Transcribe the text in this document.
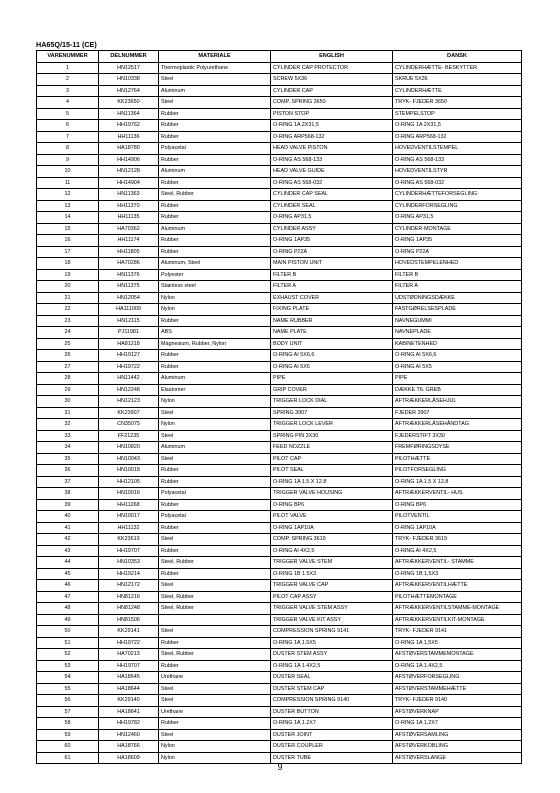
HA65Q/15-11 (CE)
VARENUMMER	DELNUMMER	MATERIALE	ENGLISH	DANSK
1	HN12517	Thermoplastic Polyurethane	CYLINDER CAP PROTECTOR	CYLINDERHÆTTE- BESKYTTER
2	HN10338	Steel	SCREW 5X36	SKRUE 5X36
3	HN12764	Aluminum	CYLINDER CAP	CYLINDERHÆTTE
4	KK23650	Steel	COMP. SPRING 3650	TRYK- FJEDER 3650
5	HN11364	Rubber	PISTON STOP	STEMPELSTOP
6	HH19762	Rubber	O-RING 1A 2X31,5	O-RING 1A 2X31,5
7	HH11136	Rubber	O-RING ARP568-132	O-RING ARP568-132
8	HA18780	Polyacetal	HEAD VALVE PISTON	HOVEDVENTILSTEMPEL
9	HH14906	Rubber	O-RING AS 568-133	O-RING AS 568-133
10	HN12128	Aluminum	HEAD VALVE GUIDE	HOVEDVENTILSTYR
11	HH14904	Rubber	O-RING AS 568-032	O-RING AS 568-032
12	HN11363	Steel, Rubber	CYLINDER CAP SEAL	CYLINDERHÆTTEFORSEGLING
13	HH11370	Rubber	CYLINDER SEAL	CYLINDERFORSEGLING
14	HH11135	Rubber	O-RING AP31,5	O-RING AP31,5
15	HA70362	Aluminum	CYLINDER ASSY	CYLINDER-MONTAGE
16	HH11174	Rubber	O-RING 1AP35	O-RING 1AP35
17	HH11805	Rubber	O-RING P22A	O-RING P22A
18	HA70286	Aluminum, Steel	MAIN PISTON UNIT	HOVEDSTEMPELENHED
19	HN11376	Polyester	FILTER B	FILTER B
20	HN11375	Stainless steel	FILTER A	FILTER A
21	HN12054	Nylon	EXHAUST COVER	UDSTØDNINGSDÆKKE
22	HA111009	Nylon	FIXING PLATE	FASTGØRELSESPLADE
23	HN12115	Rubber	NAME RUBBER	NAVNEGUMMI
24	PJ11981	ABS	NAME PLATE	NAVNEPLADE
25	HA81218	Magnesium, Rubber, Nylon	BODY UNIT	KABINETENHED
26	HH19127	Rubber	O-RING AI 5X6,6	O-RING AI 5X6,6
27	HH19722	Rubber	O-RING AI 5X5	O-RING AI 5X5
28	HN11442	Aluminum	PIPE	PIPE
29	HN12248	Elastomer	GRIP COVER	DÆKKE TIL GREB
30	HN12123	Nylon	TRIGGER LOCK DIAL	AFTRÆKKERLÅSEHJUL
31	KK23907	Steel	SPRING 3907	FJEDER 3907
32	CN35075	Nylon	TRIGGER LOCK LEVER	AFTRÆKKERLÅSEHÅNDTAG
33	FF21235	Steel	SPRING PIN 3X30	FJEDERSTIFT 3X30
34	HN10820	Aluminum	FEED NOZZLE	FREMFØRINGSDYSE
35	HN10043	Steel	PILOT CAP	PILOTHÆTTE
36	HN10018	Rubber	PILOT SEAL	PILOTFORSEGLING
37	HH12105	Rubber	O-RING 1A 1.5 X 12.8	O-RING 1A 1.5 X 12,8
38	HN10016	Polyacetal	TRIGGER VALVE HOUSING	AFTRÆKKERVENTIL- HUS
39	HH11268	Rubber	O-RING BP6	O-RING BP6
40	HN10017	Polyacetal	PILOT VALVE	PILOTVENTIL
41	HH11132	Rubber	O-RING 1AP10A	O-RING 1AP10A
42	KK23619	Steel	COMP. SPRING 3619	TRYK- FJEDER 3619
43	HH19707	Rubber	O-RING AI 4X2,5	O-RING AI 4X2,5
44	HN10353	Steel, Rubber	TRIGGER VALVE STEM	AFTRÆKKERVENTIL- STAMME
45	HH19214	Rubber	O-RING 1B 1.5X3	O-RING 1B 1,5X3
46	HN12172	Steel	TRIGGER VALVE CAP	AFTRÆKKERVENTILHÆTTE
47	HN81216	Steel, Rubber	PILOT CAP ASSY	PILOTHÆTTEMONTAGE
48	HN81248	Steel, Rubber	TRIGGER VALVE STEM ASSY	AFTRÆKKERVENTILSTAMME-MONTAGE
49	HN81506		TRIGGER VALVE KIT ASSY	AFTRÆKKERVENTILKIT-MONTAGE
50	KK29141	Steel	COMPRESSION SPRING 9141	TRYK- FJEDER 9141
51	HH19722	Rubber	O-RING 1A 1.5X5	O-RING 1A 1,5X5
52	HA70213	Steel, Rubber	DUSTER STEM ASSY	AFSTØVERSTAMMEMONTAGE
53	HH19707	Rubber	O-RING 1A 1.4X2,5	O-RING 1A 1,4X2,5
54	HA18645	Urethane	DUSTER SEAL	AFSTØVERFORSEGLING
55	HA18644	Steel	DUSTER STEM CAP	AFSTØVERSTAMMEHÆTTE
56	KK29140	Steel	COMPRESSION SPRING 9140	TRYK- FJEDER 9140
57	HA18641	Urethane	DUSTER BUTTON	AFSTØVERKNAP
58	HH19782	Rubber	O-RING 1A 1.2X7	O-RING 1A 1,2X7
59	HN12460	Steel	DUSTER JOINT	AFSTØVERSAMLING
60	HA18766	Nylon	DUSTER COUPLER	AFSTØVERKOBLING
61	HA18609	Nylon	DUSTER TUBE	AFSTØVERSLANGE
9
